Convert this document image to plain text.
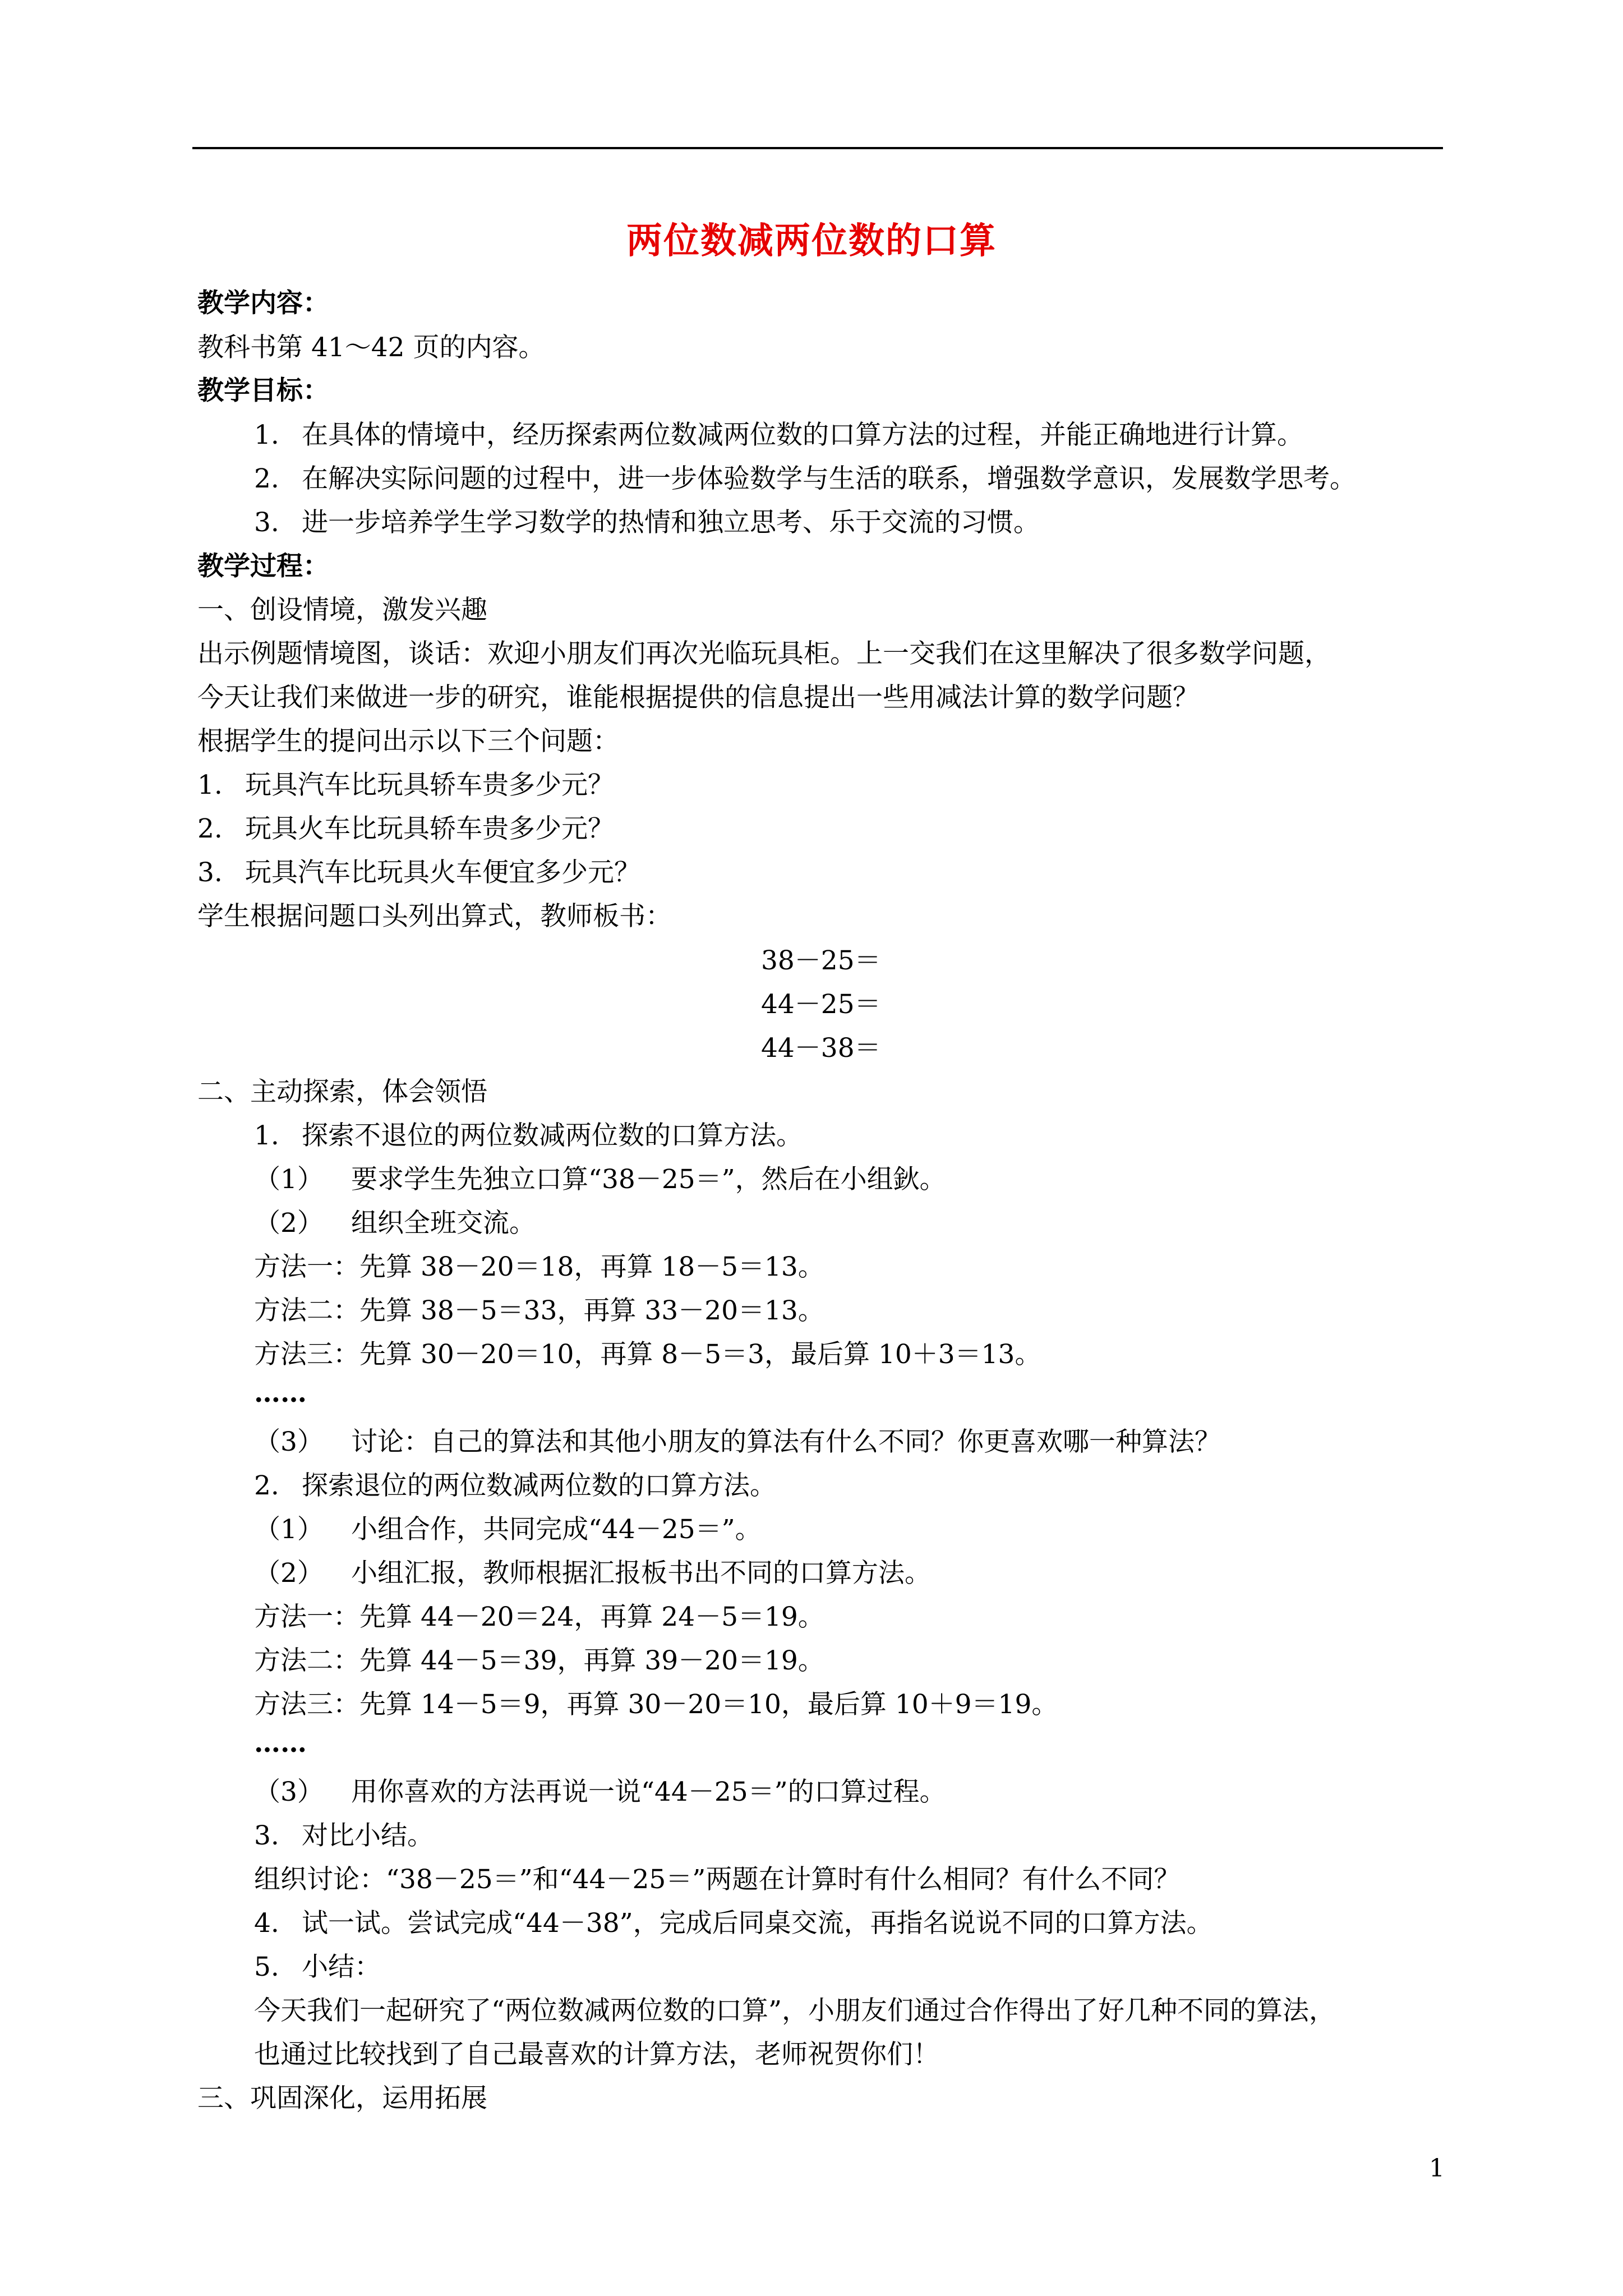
两位数减两位数的口算
教学内容：
教科书第 41～42 页的内容。
教学目标：
1. 在具体的情境中，经历探索两位数减两位数的口算方法的过程，并能正确地进行计算。
2. 在解决实际问题的过程中，进一步体验数学与生活的联系，增强数学意识，发展数学思考。
3. 进一步培养学生学习数学的热情和独立思考、乐于交流的习惯。
教学过程：
一、创设情境，激发兴趣
出示例题情境图，谈话：欢迎小朋友们再次光临玩具柜。上一交我们在这里解决了很多数学问题，
今天让我们来做进一步的研究，谁能根据提供的信息提出一些用减法计算的数学问题？
根据学生的提问出示以下三个问题：
1. 玩具汽车比玩具轿车贵多少元？
2. 玩具火车比玩具轿车贵多少元？
3. 玩具汽车比玩具火车便宜多少元？
学生根据问题口头列出算式，教师板书：
38－25＝
44－25＝
44－38＝
二、主动探索，体会领悟
1. 探索不退位的两位数减两位数的口算方法。
（1） 要求学生先独立口算“38－25＝”，然后在小组鈥。
（2） 组织全班交流。
方法一：先算 38－20＝18，再算 18－5＝13。
方法二：先算 38－5＝33，再算 33－20＝13。
方法三：先算 30－20＝10，再算 8－5＝3，最后算 10＋3＝13。
……
（3） 讨论：自己的算法和其他小朋友的算法有什么不同？你更喜欢哪一种算法？
2. 探索退位的两位数减两位数的口算方法。
（1） 小组合作，共同完成“44－25＝”。
（2） 小组汇报，教师根据汇报板书出不同的口算方法。
方法一：先算 44－20＝24，再算 24－5＝19。
方法二：先算 44－5＝39，再算 39－20＝19。
方法三：先算 14－5＝9，再算 30－20＝10，最后算 10＋9＝19。
……
（3） 用你喜欢的方法再说一说“44－25＝”的口算过程。
3. 对比小结。
组织讨论：“38－25＝”和“44－25＝”两题在计算时有什么相同？有什么不同？
4. 试一试。尝试完成“44－38”，完成后同桌交流，再指名说说不同的口算方法。
5. 小结：
今天我们一起研究了“两位数减两位数的口算”，小朋友们通过合作得出了好几种不同的算法，
也通过比较找到了自己最喜欢的计算方法，老师祝贺你们！
三、巩固深化，运用拓展
1
